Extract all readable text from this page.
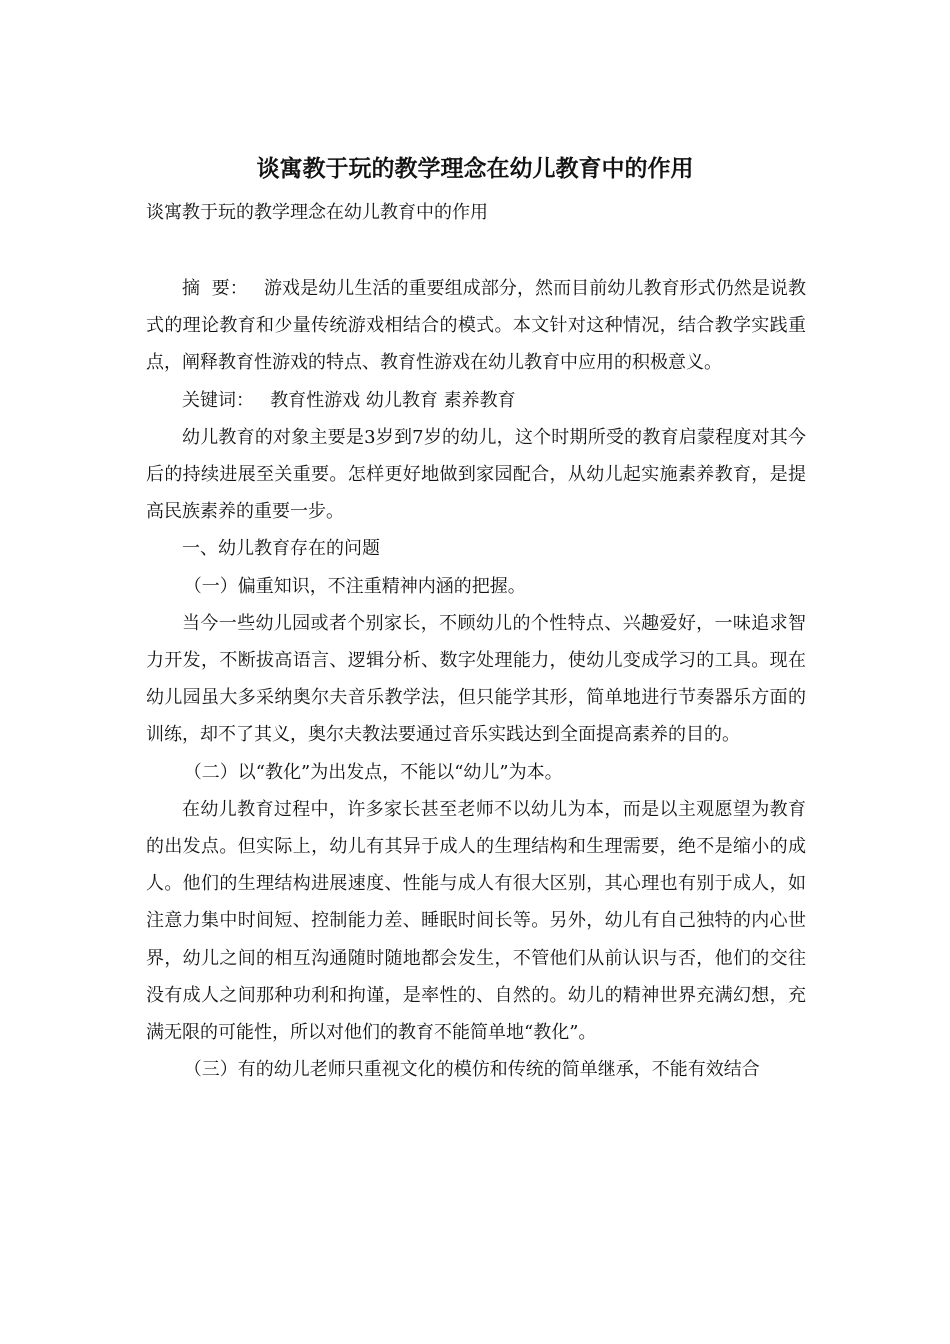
谈寓教于玩的教学理念在幼儿教育中的作用
谈寓教于玩的教学理念在幼儿教育中的作用

摘  要： 游戏是幼儿生活的重要组成部分，然而目前幼儿教育形式仍然是说教式的理论教育和少量传统游戏相结合的模式。本文针对这种情况，结合教学实践重点，阐释教育性游戏的特点、教育性游戏在幼儿教育中应用的积极意义。

关键词： 教育性游戏 幼儿教育 素养教育

幼儿教育的对象主要是3岁到7岁的幼儿，这个时期所受的教育启蒙程度对其今后的持续进展至关重要。怎样更好地做到家园配合，从幼儿起实施素养教育，是提高民族素养的重要一步。

一、幼儿教育存在的问题

（一）偏重知识，不注重精神内涵的把握。

当今一些幼儿园或者个别家长，不顾幼儿的个性特点、兴趣爱好，一味追求智力开发，不断拔高语言、逻辑分析、数字处理能力，使幼儿变成学习的工具。现在幼儿园虽大多采纳奥尔夫音乐教学法，但只能学其形，简单地进行节奏器乐方面的训练，却不了其义，奥尔夫教法要通过音乐实践达到全面提高素养的目的。

（二）以“教化”为出发点，不能以“幼儿”为本。

在幼儿教育过程中，许多家长甚至老师不以幼儿为本，而是以主观愿望为教育的出发点。但实际上，幼儿有其异于成人的生理结构和生理需要，绝不是缩小的成人。他们的生理结构进展速度、性能与成人有很大区别，其心理也有别于成人，如注意力集中时间短、控制能力差、睡眠时间长等。另外，幼儿有自己独特的内心世界，幼儿之间的相互沟通随时随地都会发生，不管他们从前认识与否，他们的交往没有成人之间那种功利和拘谨，是率性的、自然的。幼儿的精神世界充满幻想，充满无限的可能性，所以对他们的教育不能简单地“教化”。

（三）有的幼儿老师只重视文化的模仿和传统的简单继承，不能有效结合
